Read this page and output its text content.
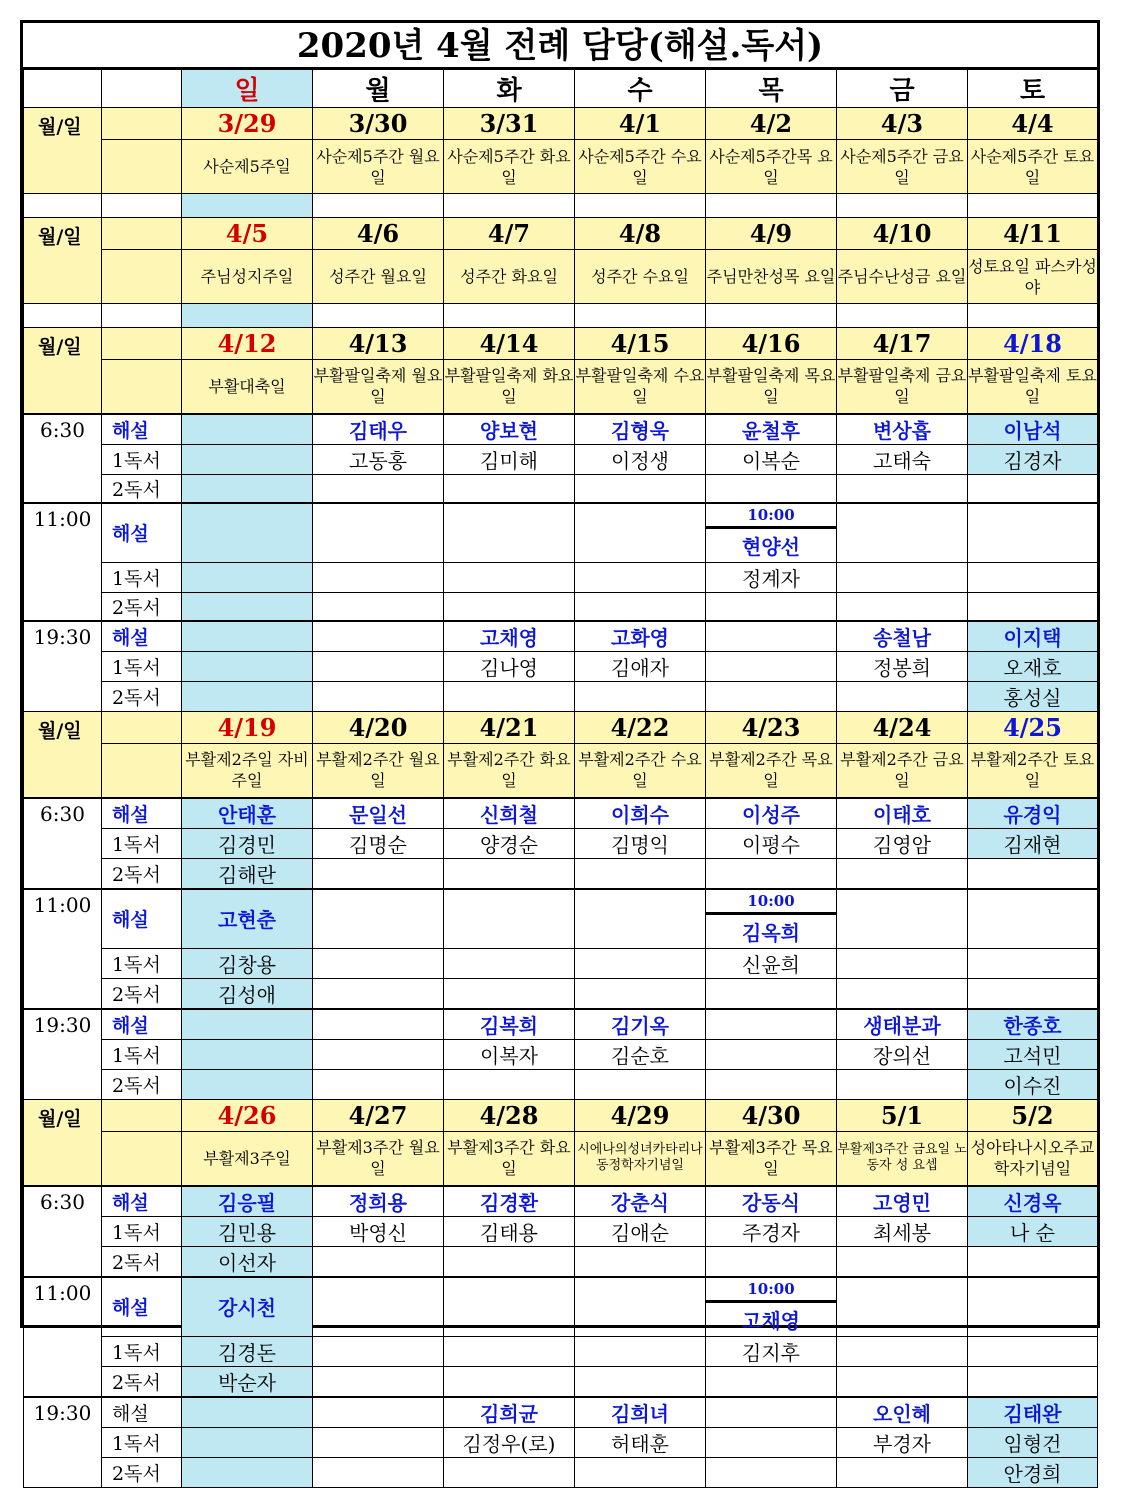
2020년 4월 전례 담당(해설.독서)
		일	월	화	수	목	금	토
월/일		3/29	3/30	3/31	4/1	4/2	4/3	4/4
		사순제5주일	사순제5주간 월요일	사순제5주간 화요일	사순제5주간 수요일	사순제5주간목 요일	사순제5주간 금요일	사순제5주간 토요일

월/일		4/5	4/6	4/7	4/8	4/9	4/10	4/11
		주님성지주일	성주간 월요일	성주간 화요일	성주간 수요일	주님만찬성목 요일	주님수난성금 요일	성토요일 파스카성야

월/일		4/12	4/13	4/14	4/15	4/16	4/17	4/18
		부활대축일	부활팔일축제 월요일	부활팔일축제 화요일	부활팔일축제 수요일	부활팔일축제 목요일	부활팔일축제 금요일	부활팔일축제 토요일
6:30	해설		김태우	양보현	김형욱	윤철후	변상흡	이남석
	1독서		고동홍	김미해	이정생	이복순	고태숙	김경자
	2독서							
11:00	해설					10:00
현양선		

	1독서					정계자		
	2독서							
19:30	해설			고채영	고화영		송철남	이지택
	1독서			김나영	김애자		정봉희	오재호
	2독서							홍성실
월/일		4/19	4/20	4/21	4/22	4/23	4/24	4/25
		부활제2주일 자비주일	부활제2주간 월요일	부활제2주간 화요일	부활제2주간 수요일	부활제2주간 목요일	부활제2주간 금요일	부활제2주간 토요일
6:30	해설	안태훈	문일선	신희철	이희수	이성주	이태호	유경익
	1독서	김경민	김명순	양경순	김명익	이평수	김영암	김재현
	2독서	김해란						
11:00	해설	고현춘				10:00
김옥희		

	1독서	김창용				신윤희		
	2독서	김성애						
19:30	해설			김복희	김기옥		생태분과	한종호
	1독서			이복자	김순호		장의선	고석민
	2독서							이수진
월/일		4/26	4/27	4/28	4/29	4/30	5/1	5/2
		부활제3주일	부활제3주간 월요일	부활제3주간 화요일	시에나의성녀카타리나동정학자기념일	부활제3주간 목요일	부활제3주간 금요일 노동자 성 요셉	성아타나시오주교학자기념일
6:30	해설	김응필	정희용	김경환	강춘식	강동식	고영민	신경옥
	1독서	김민용	박영신	김태용	김애순	주경자	최세봉	나 순
	2독서	이선자						
11:00	해설	강시천				10:00
고채영		

	1독서	김경돈				김지후		
	2독서	박순자						
19:30	해설			김희균	김희녀		오인혜	김태완
	1독서			김정우(로)	허태훈		부경자	임형건
	2독서							안경희
